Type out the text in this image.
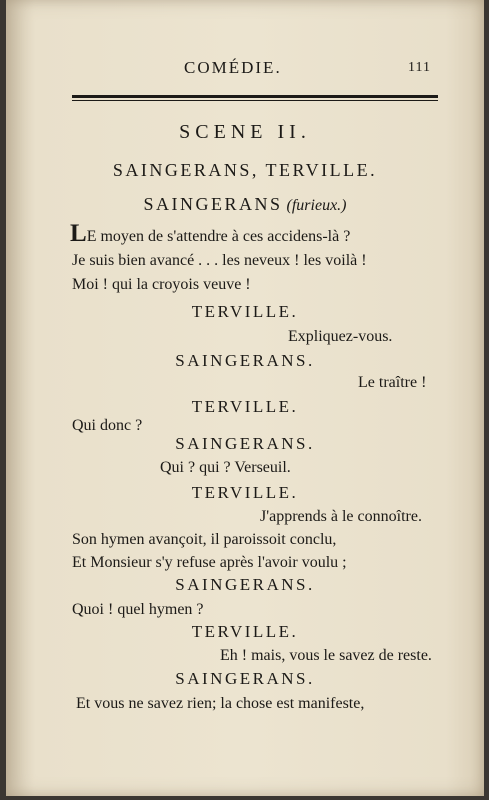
COMÉDIE.	111
SCENE II.
SAINGERANS, TERVILLE.
SAINGERANS (furieux.)
LE moyen de s'attendre à ces accidens-là ?
Je suis bien avancé . . . les neveux ! les voilà !
Moi ! qui la croyois veuve !
TERVILLE.
Expliquez-vous.
SAINGERANS.
Le traître !
TERVILLE.
Qui donc ?
SAINGERANS.
Qui ? qui ? Verseuil.
TERVILLE.
J'apprends à le connoître.
Son hymen avançoit, il paroissoit conclu,
Et Monsieur s'y refuse après l'avoir voulu ;
SAINGERANS.
Quoi ! quel hymen ?
TERVILLE.
Eh ! mais, vous le savez de reste.
SAINGERANS.
Et vous ne savez rien; la chose est manifeste,
